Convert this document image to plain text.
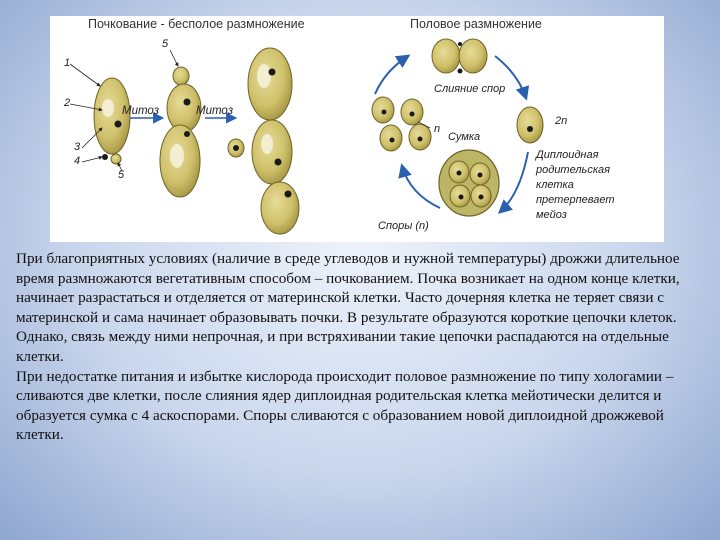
Почкование - бесполое размножение	Половое размножение
1
2
3
4
5
5
Митоз	Митоз
Слияние спор
2n
n
Сумка
Споры (n)
Диплоидная
родительская
клетка
претерпевает
мейоз

При благоприятных условиях (наличие в среде углеводов и нужной температуры) дрожжи длительное время размножаются вегетативным способом – почкованием. Почка возникает на одном конце клетки, начинает разрастаться и отделяется от материнской клетки. Часто дочерняя клетка не теряет связи с материнской и сама начинает образовывать почки. В результате образуются короткие цепочки клеток. Однако, связь между ними непрочная, и при встряхивании такие цепочки распадаются на отдельные клетки.

При недостатке питания и избытке кислорода происходит половое размножение по типу хологамии – сливаются две клетки, после слияния ядер диплоидная родительская клетка мейотически делится и образуется сумка с 4 аскоспорами. Споры сливаются с образованием новой диплоидной дрожжевой клетки.
